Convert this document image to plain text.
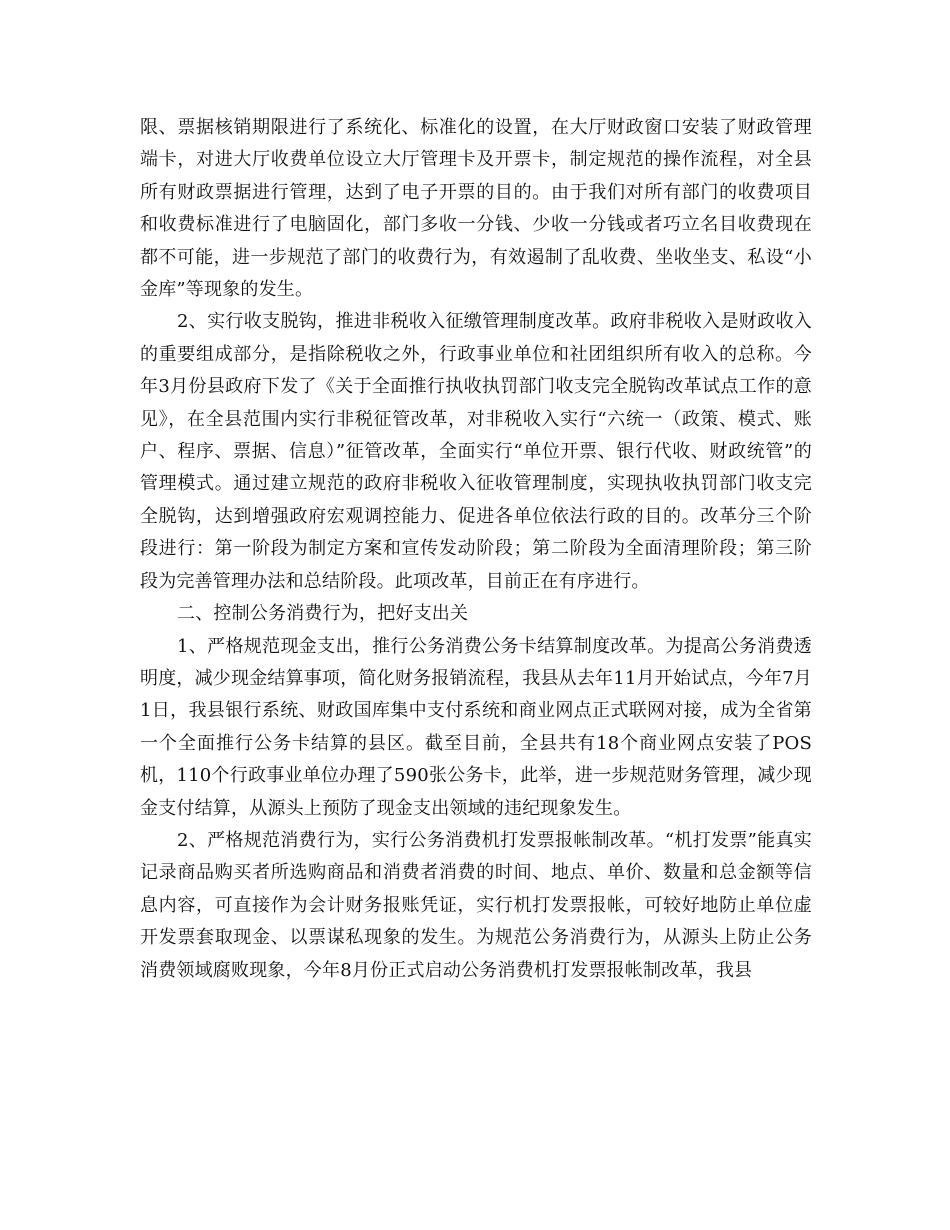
限、票据核销期限进行了系统化、标准化的设置，在大厅财政窗口安装了财政管理端卡，对进大厅收费单位设立大厅管理卡及开票卡，制定规范的操作流程，对全县所有财政票据进行管理，达到了电子开票的目的。由于我们对所有部门的收费项目和收费标准进行了电脑固化，部门多收一分钱、少收一分钱或者巧立名目收费现在都不可能，进一步规范了部门的收费行为，有效遏制了乱收费、坐收坐支、私设“小金库”等现象的发生。

2、实行收支脱钩，推进非税收入征缴管理制度改革。政府非税收入是财政收入的重要组成部分，是指除税收之外，行政事业单位和社团组织所有收入的总称。今年3月份县政府下发了《关于全面推行执收执罚部门收支完全脱钩改革试点工作的意见》，在全县范围内实行非税征管改革，对非税收入实行“六统一（政策、模式、账户、程序、票据、信息）”征管改革，全面实行“单位开票、银行代收、财政统管”的管理模式。通过建立规范的政府非税收入征收管理制度，实现执收执罚部门收支完全脱钩，达到增强政府宏观调控能力、促进各单位依法行政的目的。改革分三个阶段进行：第一阶段为制定方案和宣传发动阶段；第二阶段为全面清理阶段；第三阶段为完善管理办法和总结阶段。此项改革，目前正在有序进行。

二、控制公务消费行为，把好支出关

1、严格规范现金支出，推行公务消费公务卡结算制度改革。为提高公务消费透明度，减少现金结算事项，简化财务报销流程，我县从去年11月开始试点，今年7月1日，我县银行系统、财政国库集中支付系统和商业网点正式联网对接，成为全省第一个全面推行公务卡结算的县区。截至目前，全县共有18个商业网点安装了POS机，110个行政事业单位办理了590张公务卡，此举，进一步规范财务管理，减少现金支付结算，从源头上预防了现金支出领域的违纪现象发生。

2、严格规范消费行为，实行公务消费机打发票报帐制改革。“机打发票”能真实记录商品购买者所选购商品和消费者消费的时间、地点、单价、数量和总金额等信息内容，可直接作为会计财务报账凭证，实行机打发票报帐，可较好地防止单位虚开发票套取现金、以票谋私现象的发生。为规范公务消费行为，从源头上防止公务消费领域腐败现象，今年8月份正式启动公务消费机打发票报帐制改革，我县
